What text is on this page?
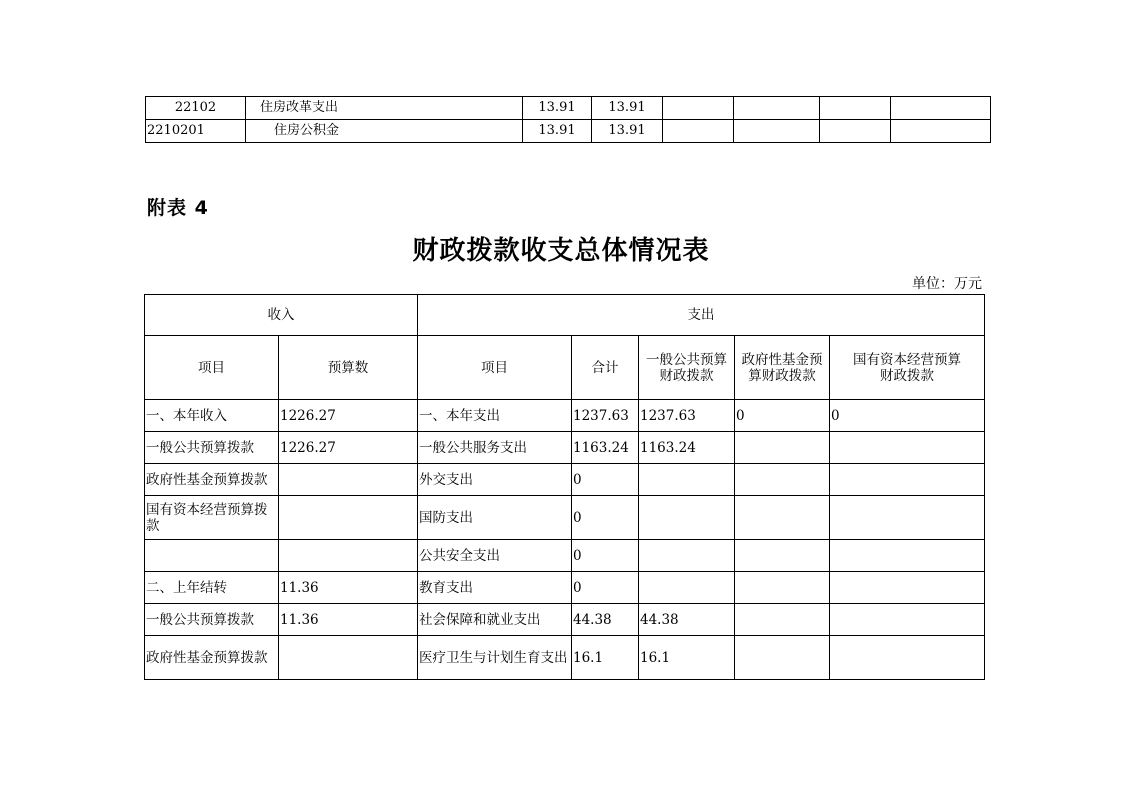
22102	住房改革支出	13.91	13.91				
2210201	住房公积金	13.91	13.91				
附表 4
财政拨款收支总体情况表
单位：万元
收入		支出				
项目	预算数	项目	合计	一般公共预算财政拨款	政府性基金预算财政拨款	国有资本经营预算财政拨款
一、本年收入	1226.27	一、本年支出	1237.63	1237.63	0	0
一般公共预算拨款	1226.27	一般公共服务支出	1163.24	1163.24		
政府性基金预算拨款		外交支出	0			
国有资本经营预算拨款		国防支出	0			
		公共安全支出	0			
二、上年结转	11.36	教育支出	0			
一般公共预算拨款	11.36	社会保障和就业支出	44.38	44.38		
政府性基金预算拨款		医疗卫生与计划生育支出	16.1	16.1		
